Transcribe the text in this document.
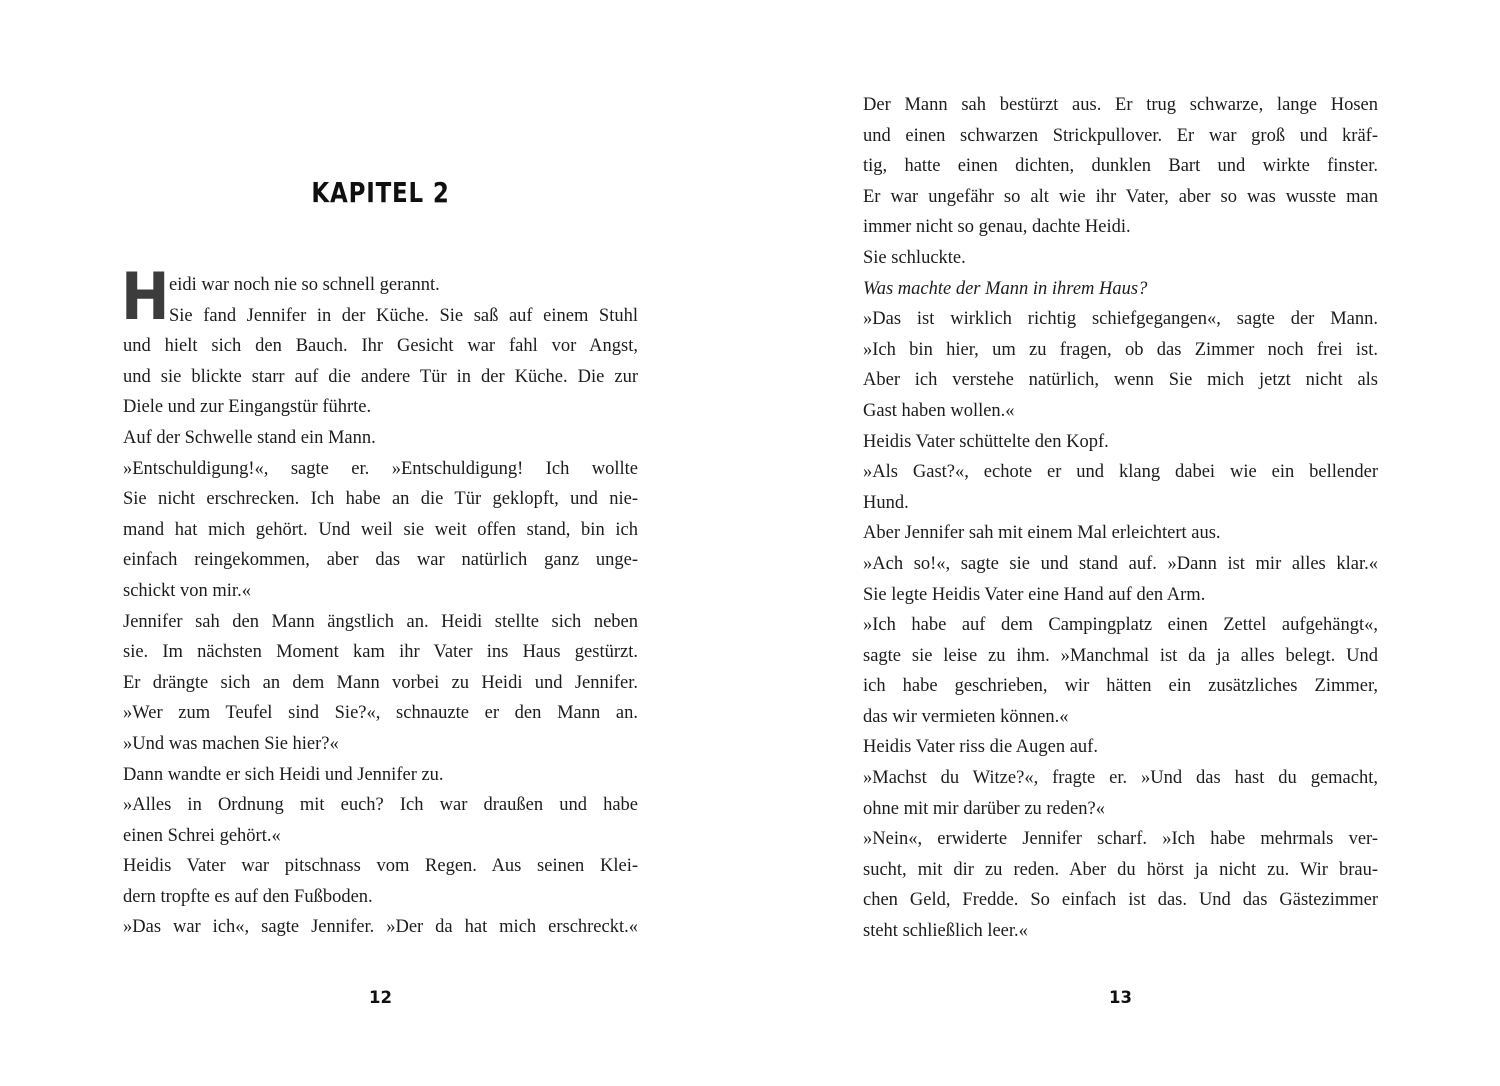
KAPITEL 2
H eidi war noch nie so schnell gerannt.
Sie fand Jennifer in der Küche. Sie saß auf einem Stuhl
und hielt sich den Bauch. Ihr Gesicht war fahl vor Angst,
und sie blickte starr auf die andere Tür in der Küche. Die zur
Diele und zur Eingangstür führte.
Auf der Schwelle stand ein Mann.
»Entschuldigung!«, sagte er. »Entschuldigung! Ich wollte
Sie nicht erschrecken. Ich habe an die Tür geklopft, und nie-
mand hat mich gehört. Und weil sie weit offen stand, bin ich
einfach reingekommen, aber das war natürlich ganz unge-
schickt von mir.«
Jennifer sah den Mann ängstlich an. Heidi stellte sich neben
sie. Im nächsten Moment kam ihr Vater ins Haus gestürzt.
Er drängte sich an dem Mann vorbei zu Heidi und Jennifer.
»Wer zum Teufel sind Sie?«, schnauzte er den Mann an.
»Und was machen Sie hier?«
Dann wandte er sich Heidi und Jennifer zu.
»Alles in Ordnung mit euch? Ich war draußen und habe
einen Schrei gehört.«
Heidis Vater war pitschnass vom Regen. Aus seinen Klei-
dern tropfte es auf den Fußboden.
»Das war ich«, sagte Jennifer. »Der da hat mich erschreckt.«
12
Der Mann sah bestürzt aus. Er trug schwarze, lange Hosen
und einen schwarzen Strickpullover. Er war groß und kräf-
tig, hatte einen dichten, dunklen Bart und wirkte finster.
Er war ungefähr so alt wie ihr Vater, aber so was wusste man
immer nicht so genau, dachte Heidi.
Sie schluckte.
Was machte der Mann in ihrem Haus?
»Das ist wirklich richtig schiefgegangen«, sagte der Mann.
»Ich bin hier, um zu fragen, ob das Zimmer noch frei ist.
Aber ich verstehe natürlich, wenn Sie mich jetzt nicht als
Gast haben wollen.«
Heidis Vater schüttelte den Kopf.
»Als Gast?«, echote er und klang dabei wie ein bellender
Hund.
Aber Jennifer sah mit einem Mal erleichtert aus.
»Ach so!«, sagte sie und stand auf. »Dann ist mir alles klar.«
Sie legte Heidis Vater eine Hand auf den Arm.
»Ich habe auf dem Campingplatz einen Zettel aufgehängt«,
sagte sie leise zu ihm. »Manchmal ist da ja alles belegt. Und
ich habe geschrieben, wir hätten ein zusätzliches Zimmer,
das wir vermieten können.«
Heidis Vater riss die Augen auf.
»Machst du Witze?«, fragte er. »Und das hast du gemacht,
ohne mit mir darüber zu reden?«
»Nein«, erwiderte Jennifer scharf. »Ich habe mehrmals ver-
sucht, mit dir zu reden. Aber du hörst ja nicht zu. Wir brau-
chen Geld, Fredde. So einfach ist das. Und das Gästezimmer
steht schließlich leer.«
13
